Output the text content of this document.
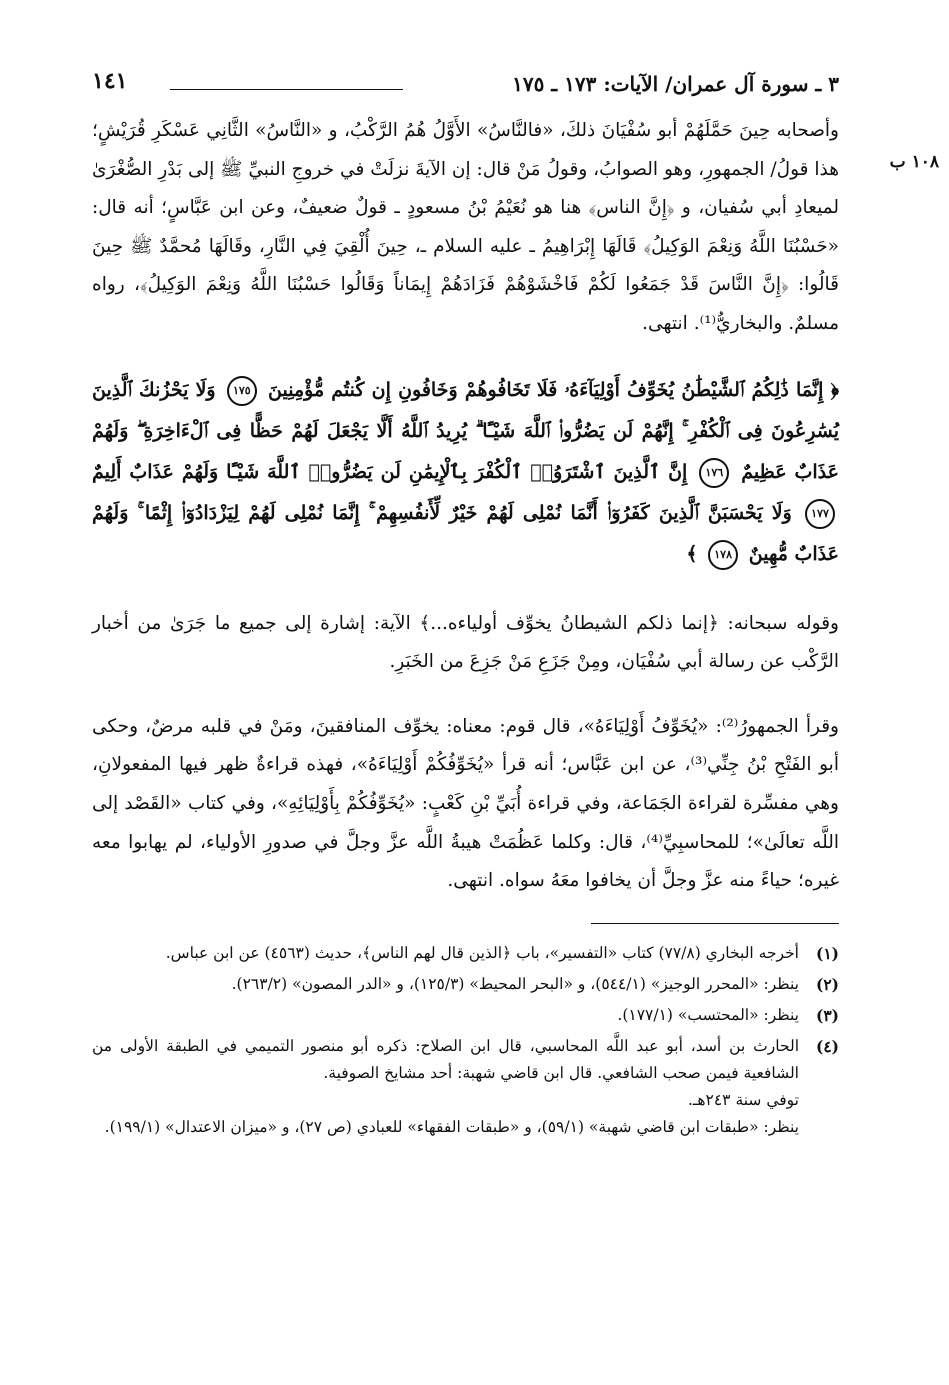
٣ ـ سورة آل عمران/ الآيات: ١٧٣ ـ ١٧٥
١٤١
١٠٨ ب

وأصحابه حِينَ حَمَّلَهُمْ أبو سُفْيَانَ ذلكَ، «فالنَّاسُ» الأَوَّلُ هُمُ الرَّكْبُ، و «النَّاسُ» الثَّانِي عَسْكَرِ قُرَيْشٍ؛ هذا قولُ/ الجمهورِ، وهو الصوابُ، وقولُ مَنْ قال: إن الآيةَ نزلَتْ في خروجِ النبيِّ ﷺ إلى بَدْرِ الصُّغْرَىٰ لميعادِ أبي سُفيان، و ﴿إِنَّ الناس﴾ هنا هو نُعَيْمُ بْنُ مسعودٍ ـ قولٌ ضعيفٌ، وعن ابن عَبَّاسٍ؛ أنه قال: «حَسْبُنَا اللَّهُ وَنِعْمَ الوَكِيلُ﴾ قَالَهَا إِبْرَاهِيمُ ـ عليه السلام ـ، حِينَ أُلْقِيَ فِي النَّارِ، وقَالَهَا مُحمَّدٌ ﷺ حِينَ قَالُوا: ﴿إِنَّ النَّاسَ قَدْ جَمَعُوا لَكُمْ فَاخْشَوْهُمْ فَزَادَهُمْ إِيمَاناً وَقَالُوا حَسْبُنَا اللَّهُ وَنِعْمَ الوَكِيلُ﴾، رواه مسلمٌ. والبخاريُّ⁽¹⁾. انتهى.

﴿ إِنَّمَا ذَٰلِكُمُ ٱلشَّيْطَٰنُ يُخَوِّفُ أَوْلِيَآءَهُۥ فَلَا تَخَافُوهُمْ وَخَافُونِ إِن كُنتُم مُّؤْمِنِينَ ١٧٥ وَلَا يَحْزُنكَ ٱلَّذِينَ يُسَٰرِعُونَ فِى ٱلْكُفْرِ ۚ إِنَّهُمْ لَن يَضُرُّوا۟ ٱللَّهَ شَيْـًٔا ۗ يُرِيدُ ٱللَّهُ أَلَّا يَجْعَلَ لَهُمْ حَظًّا فِى ٱلْءَاخِرَةِ ۖ وَلَهُمْ عَذَابٌ عَظِيمٌ ١٧٦ إِنَّ ٱلَّذِينَ ٱشْتَرَوُا۟ ٱلْكُفْرَ بِٱلْإِيمَٰنِ لَن يَضُرُّوا۟ ٱللَّهَ شَيْـًٔا وَلَهُمْ عَذَابٌ أَلِيمٌ ١٧٧ وَلَا يَحْسَبَنَّ ٱلَّذِينَ كَفَرُوٓا۟ أَنَّمَا نُمْلِى لَهُمْ خَيْرٌ لِّأَنفُسِهِمْ ۚ إِنَّمَا نُمْلِى لَهُمْ لِيَزْدَادُوٓا۟ إِثْمًا ۚ وَلَهُمْ عَذَابٌ مُّهِينٌ ١٧٨ ﴾

وقوله سبحانه: ﴿إنما ذلكم الشيطانُ يخوِّف أولياءه...﴾ الآية: إشارة إلى جميع ما جَرَىٰ من أخبار الرَّكْب عن رسالة أبي سُفْيَان، ومِنْ جَزَعِ مَنْ جَزِعَ من الخَبَرِ.

وقرأ الجمهورُ⁽²⁾: «يُخَوِّفُ أَوْلِيَاءَهُ»، قال قوم: معناه: يخوِّف المنافقينَ، ومَنْ في قلبه مرضٌ، وحكى أبو الفَتْحِ بْنُ جِنِّي⁽³⁾، عن ابن عَبَّاس؛ أنه قرأ «يُخَوِّفُكُمْ أَوْلِيَاءَهُ»، فهذه قراءةٌ ظهر فيها المفعولانِ، وهي مفسِّرة لقراءة الجَمَاعة، وفي قراءة أُبَيِّ بْنِ كَعْبٍ: «يُخَوِّفُكُمْ بِأَوْلِيَائِهِ»، وفي كتاب «القَصْد إلى اللَّه تعالَىٰ»؛ للمحاسبِيِّ⁽⁴⁾، قال: وكلما عَظُمَتْ هيبةُ اللَّه عزَّ وجلَّ في صدورِ الأولياء، لم يهابوا معه غيره؛ حياءً منه عزَّ وجلَّ أن يخافوا معَهُ سواه. انتهى.

(١)
أخرجه البخاري (٧٧/٨) كتاب «التفسير»، باب ﴿الذين قال لهم الناس﴾، حديث (٤٥٦٣) عن ابن عباس.
(٢)
ينظر: «المحرر الوجيز» (٥٤٤/١)، و «البحر المحيط» (١٢٥/٣)، و «الدر المصون» (٢٦٣/٢).
(٣)
ينظر: «المحتسب» (١٧٧/١).
(٤)
الحارث بن أسد، أبو عبد اللَّه المحاسبي، قال ابن الصلاح: ذكره أبو منصور التميمي في الطبقة الأولى من الشافعية فيمن صحب الشافعي. قال ابن قاضي شهبة: أحد مشايخ الصوفية.
توفي سنة ٢٤٣هـ.
ينظر: «طبقات ابن قاضي شهبة» (٥٩/١)، و «طبقات الفقهاء» للعبادي (ص ٢٧)، و «ميزان الاعتدال» (١٩٩/١).
